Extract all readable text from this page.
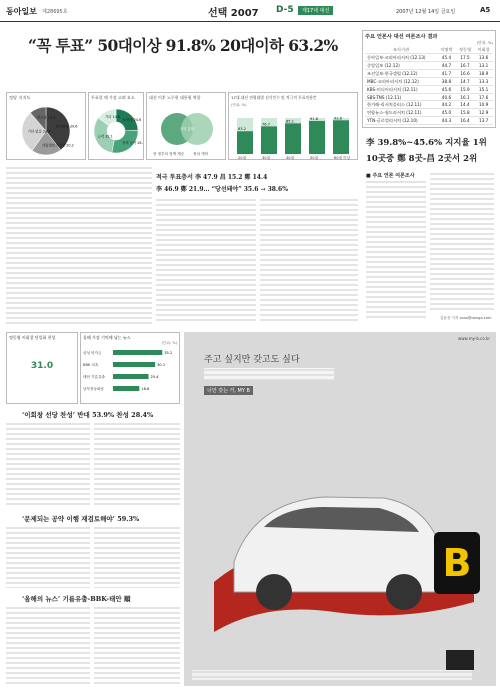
동아일보 제28695호	선택 2007 D-5	제17대 대선	2007년 12월 14일 금요일	A5
“꼭 투표” 50대이상 91.8% 20대이하 63.2%
정당 지지도
한나라당 39.6
대통합민주신당 20.2
기타·없음 28.9
민노당 11.3
투표할 때 가장 고려 요소
도덕성 24.6
정책 공약 28.4
능력 32.1
기타 14.9
대선 이후 노무현 대통령 역할
현 정부의 정책 계승 정치 개혁
국민 통합
17대 대선 연령대별 선거인수 및 적극적 투표의향층
(단위: %)
63.2
20대
76.7
30대
85.1
40대
91.8
50대
93.6
60대 이상
주요 언론사 대선 여론조사 결과
(단위: %)
조사기관	이명박	정동영	이회창
동아일보-코리아리서치 (12.13)	45.4	17.5	13.6
중앙일보 (12.12)	44.7	16.7	13.1
조선일보-한국갤럽 (12.12)	41.7	16.6	18.9
MBC-코리아리서치 (12.12)	38.8	14.7	13.3
KBS-미디어리서치 (12.11)	45.6	15.9	15.1
SBS-TNS (12.11)	40.6	16.1	17.6
한겨레-리서치플러스 (12.11)	44.2	14.4	10.9
연합뉴스-월드리서치 (12.11)	45.0	15.8	12.9
YTN-글로벌리서치 (12.10)	44.3	16.4	13.7
李 39.8%~45.6% 지지율 1위
10곳중 鄭 8곳-昌 2곳서 2위
적극 투표층서 李 47.9 昌 15.2 鄭 14.4
李 46.9 鄭 21.9… “당선돼야” 35.6 → 38.6%
■ 주요 언론 여론조사
김윤종 기자 zozo@donga.com
정동영 이회창 단일화 찬성
31.0
올해 가장 기억에 남는 뉴스
(단위: %)
삼성 비자금	35.2
BBK 의혹	30.1
태안 기름유출	25.4
남북정상회담	18.8
‘이회창 선당 찬성’ 반대 53.9% 찬성 28.4%
‘문제되는 공약 이행 재검토해야’ 59.3%
‘올해의 뉴스’ 기름유출-BBK-태안 順
www.my-b.co.kr
주고 싶지만 갖고도 싶다
너만 갖는 거, MY B
B
